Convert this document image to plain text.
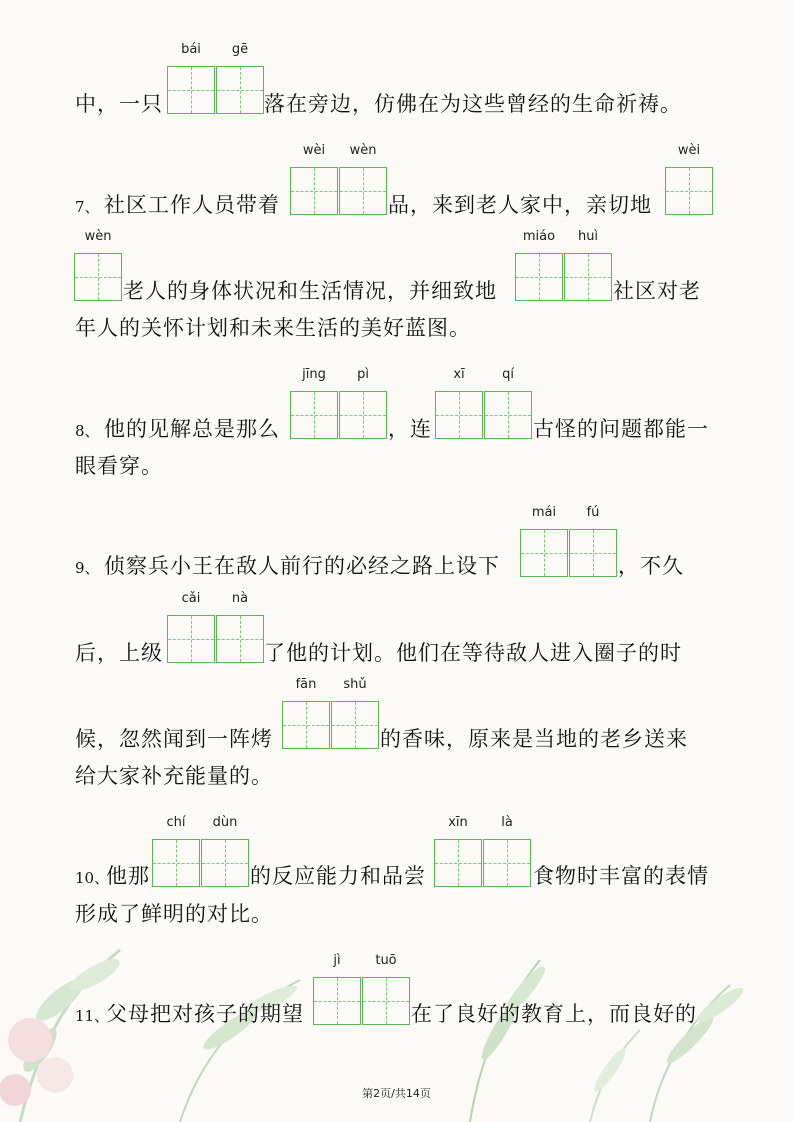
中，一只	落在旁边，仿佛在为这些曾经的生命祈祷。
bái	gē
7、 社区工作人员带着	品，来到老人家中，亲切地
wèi	wèn	wèi
wèn
老人的身体状况和生活情况，并细致地	社区对老
miáo	huì
年人的关怀计划和未来生活的美好蓝图。
8、 他的见解总是那么	，连	古怪的问题都能一
jīng	pì	xī	qí
眼看穿。
9、 侦察兵小王在敌人前行的必经之路上设下	，不久
mái	fú
后，上级	了他的计划。他们在等待敌人进入圈子的时
cǎi	nà
候，忽然闻到一阵烤	的香味，原来是当地的老乡送来
fān	shǔ
给大家补充能量的。
10、
他那	的反应能力和品尝	食物时丰富的表情
chí	dùn	xīn	là
形成了鲜明的对比。
11、
父母把对孩子的期望	在了良好的教育上，而良好的
jì	tuō
第2页/共14页
